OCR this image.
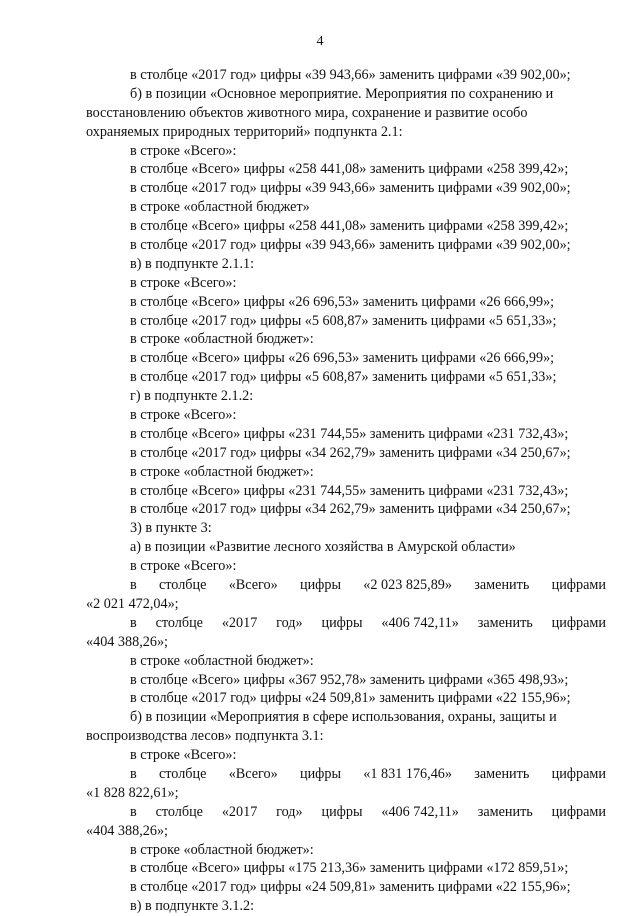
4
в столбце «2017 год» цифры «39 943,66» заменить цифрами «39 902,00»;
б) в позиции «Основное мероприятие. Мероприятия по сохранению и
восстановлению объектов животного мира, сохранение и развитие особо
охраняемых природных территорий» подпункта 2.1:
в строке «Всего»:
в столбце «Всего» цифры «258 441,08» заменить цифрами «258 399,42»;
в столбце «2017 год» цифры «39 943,66» заменить цифрами «39 902,00»;
в строке «областной бюджет»
в столбце «Всего» цифры «258 441,08» заменить цифрами «258 399,42»;
в столбце «2017 год» цифры «39 943,66» заменить цифрами «39 902,00»;
в) в подпункте 2.1.1:
в строке «Всего»:
в столбце «Всего» цифры «26 696,53» заменить цифрами «26 666,99»;
в столбце «2017 год» цифры «5 608,87» заменить цифрами «5 651,33»;
в строке «областной бюджет»:
в столбце «Всего» цифры «26 696,53» заменить цифрами «26 666,99»;
в столбце «2017 год» цифры «5 608,87» заменить цифрами «5 651,33»;
г) в подпункте 2.1.2:
в строке «Всего»:
в столбце «Всего» цифры «231 744,55» заменить цифрами «231 732,43»;
в столбце «2017 год» цифры «34 262,79» заменить цифрами «34 250,67»;
в строке «областной бюджет»:
в столбце «Всего» цифры «231 744,55» заменить цифрами «231 732,43»;
в столбце «2017 год» цифры «34 262,79» заменить цифрами «34 250,67»;
3) в пункте 3:
а) в позиции «Развитие лесного хозяйства в Амурской области»
в строке «Всего»:
в столбце «Всего» цифры «2 023 825,89» заменить цифрами
«2 021 472,04»;
в столбце «2017 год» цифры «406 742,11» заменить цифрами
«404 388,26»;
в строке «областной бюджет»:
в столбце «Всего» цифры «367 952,78» заменить цифрами «365 498,93»;
в столбце «2017 год» цифры «24 509,81» заменить цифрами «22 155,96»;
б) в позиции «Мероприятия в сфере использования, охраны, защиты и
воспроизводства лесов» подпункта 3.1:
в строке «Всего»:
в столбце «Всего» цифры «1 831 176,46» заменить цифрами
«1 828 822,61»;
в столбце «2017 год» цифры «406 742,11» заменить цифрами
«404 388,26»;
в строке «областной бюджет»:
в столбце «Всего» цифры «175 213,36» заменить цифрами «172 859,51»;
в столбце «2017 год» цифры «24 509,81» заменить цифрами «22 155,96»;
в) в подпункте 3.1.2:
